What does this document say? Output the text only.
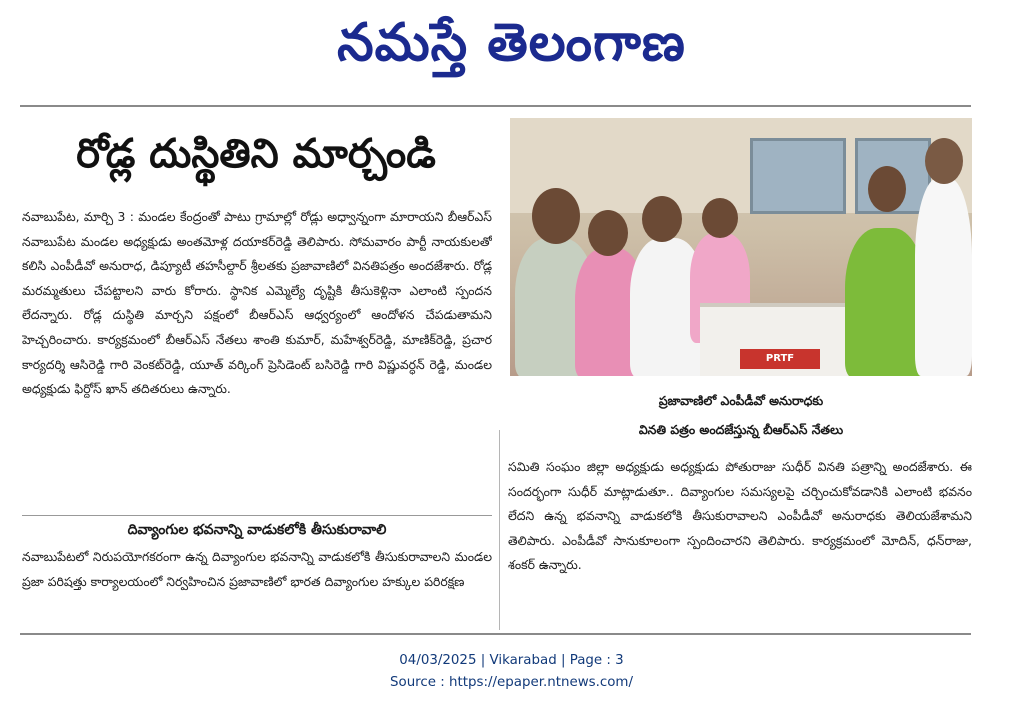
నమస్తే తెలంగాణ
రోడ్ల దుస్థితిని మార్చండి
నవాబుపేట, మార్చి 3 : మండల కేంద్రంతో పాటు గ్రామాల్లో రోడ్లు అధ్వాన్నంగా మారాయని బీఆర్‌ఎస్ నవాబుపేట మండల అధ్యక్షుడు అంతమోళ్ల దయాకర్‌రెడ్డి తెలిపారు. సోమవారం పార్టీ నాయకులతో కలిసి ఎంపీడీవో అనురాధ, డిప్యూటీ తహసీల్దార్ శ్రీలతకు ప్రజావాణిలో వినతిపత్రం అందజేశారు. రోడ్ల మరమ్మతులు చేపట్టాలని వారు కోరారు. స్థానిక ఎమ్మెల్యే దృష్టికి తీసుకెళ్లినా ఎలాంటి స్పందన లేదన్నారు. రోడ్ల దుస్థితి మార్చని పక్షంలో బీఆర్‌ఎస్ ఆధ్వర్యంలో ఆందోళన చేపడుతామని హెచ్చరించారు. కార్యక్రమంలో బీఆర్‌ఎస్ నేతలు శాంతి కుమార్, మహేశ్వర్‌రెడ్డి, మాణిక్‌రెడ్డి, ప్రచార కార్యదర్శి ఆసిరెడ్డి గారి వెంకట్‌రెడ్డి, యూత్ వర్కింగ్ ప్రెసిడెంట్ బసిరెడ్డి గారి విష్ణువర్ధన్ రెడ్డి, మండల అధ్యక్షుడు ఫిర్దోస్ ఖాన్ తదితరులు ఉన్నారు.
దివ్యాంగుల భవనాన్ని వాడుకలోకి తీసుకురావాలి
నవాబుపేటలో నిరుపయోగకరంగా ఉన్న దివ్యాంగుల భవనాన్ని వాడుకలోకి తీసుకురావాలని మండల ప్రజా పరిషత్తు కార్యాలయంలో నిర్వహించిన ప్రజావాణిలో భారత దివ్యాంగుల హక్కుల పరిరక్షణ
PRTF
ప్రజావాణిలో ఎంపీడీవో అనురాధకు
వినతి పత్రం అందజేస్తున్న బీఆర్‌ఎస్ నేతలు
సమితి సంఘం జిల్లా అధ్యక్షుడు అధ్యక్షుడు పోతురాజు సుధీర్ వినతి పత్రాన్ని అందజేశారు. ఈ సందర్భంగా సుధీర్ మాట్లాడుతూ.. దివ్యాంగుల సమస్యలపై చర్చించుకోవడానికి ఎలాంటి భవనం లేదని ఉన్న భవనాన్ని వాడుకలోకి తీసుకురావాలని ఎంపీడీవో అనురాధకు తెలియజేశామని తెలిపారు. ఎంపీడీవో సానుకూలంగా స్పందించారని తెలిపారు. కార్యక్రమంలో మోదిన్, ధన్‌రాజు, శంకర్ ఉన్నారు.
04/03/2025 | Vikarabad | Page : 3
Source : https://epaper.ntnews.com/
